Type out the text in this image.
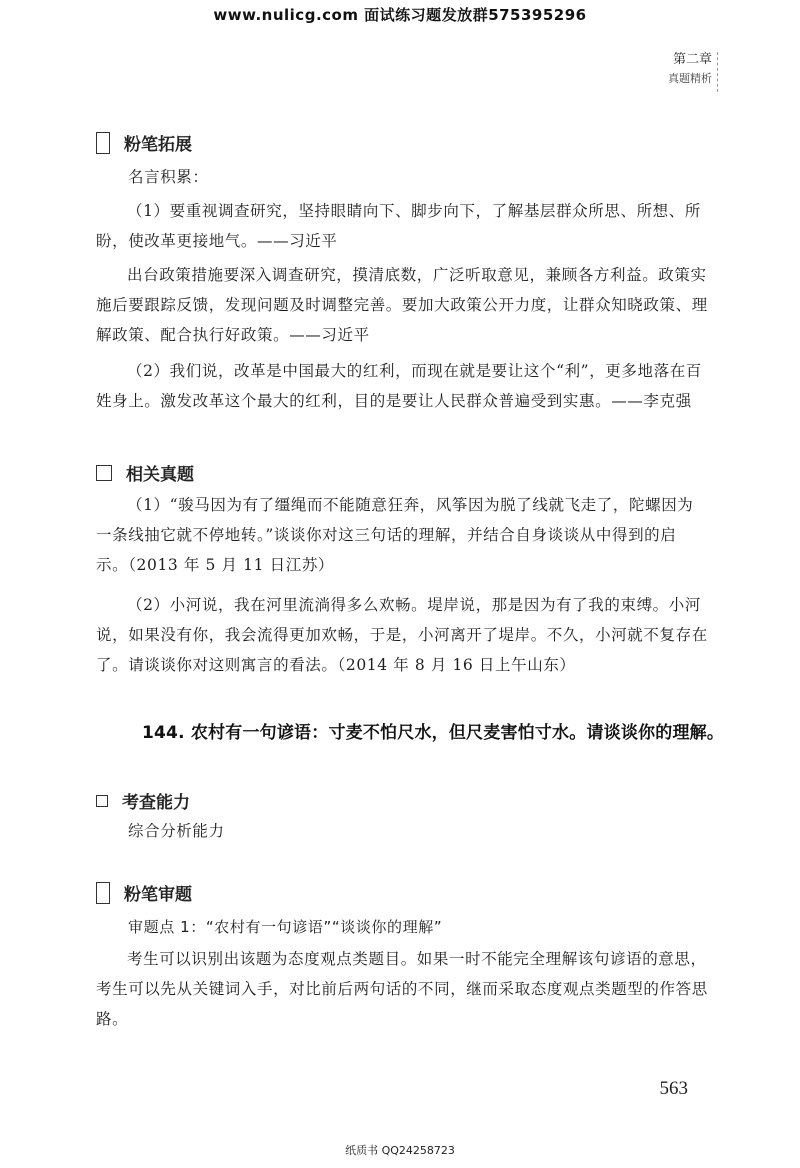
www.nulicg.com 面试练习题发放群575395296
第二章
真题精析
粉笔拓展
名言积累：
（1）要重视调查研究，坚持眼睛向下、脚步向下，了解基层群众所思、所想、所盼，使改革更接地气。——习近平
出台政策措施要深入调查研究，摸清底数，广泛听取意见，兼顾各方利益。政策实施后要跟踪反馈，发现问题及时调整完善。要加大政策公开力度，让群众知晓政策、理解政策、配合执行好政策。——习近平
（2）我们说，改革是中国最大的红利，而现在就是要让这个“利”，更多地落在百姓身上。激发改革这个最大的红利，目的是要让人民群众普遍受到实惠。——李克强
相关真题
（1）“骏马因为有了缰绳而不能随意狂奔，风筝因为脱了线就飞走了，陀螺因为一条线抽它就不停地转。”谈谈你对这三句话的理解，并结合自身谈谈从中得到的启示。（2013 年 5 月 11 日江苏）
（2）小河说，我在河里流淌得多么欢畅。堤岸说，那是因为有了我的束缚。小河说，如果没有你，我会流得更加欢畅，于是，小河离开了堤岸。不久，小河就不复存在了。请谈谈你对这则寓言的看法。（2014 年 8 月 16 日上午山东）
144. 农村有一句谚语：寸麦不怕尺水，但尺麦害怕寸水。请谈谈你的理解。
考查能力
综合分析能力
粉笔审题
审题点 1：“农村有一句谚语”“谈谈你的理解”
考生可以识别出该题为态度观点类题目。如果一时不能完全理解该句谚语的意思，考生可以先从关键词入手，对比前后两句话的不同，继而采取态度观点类题型的作答思路。
563
纸质书 QQ24258723
